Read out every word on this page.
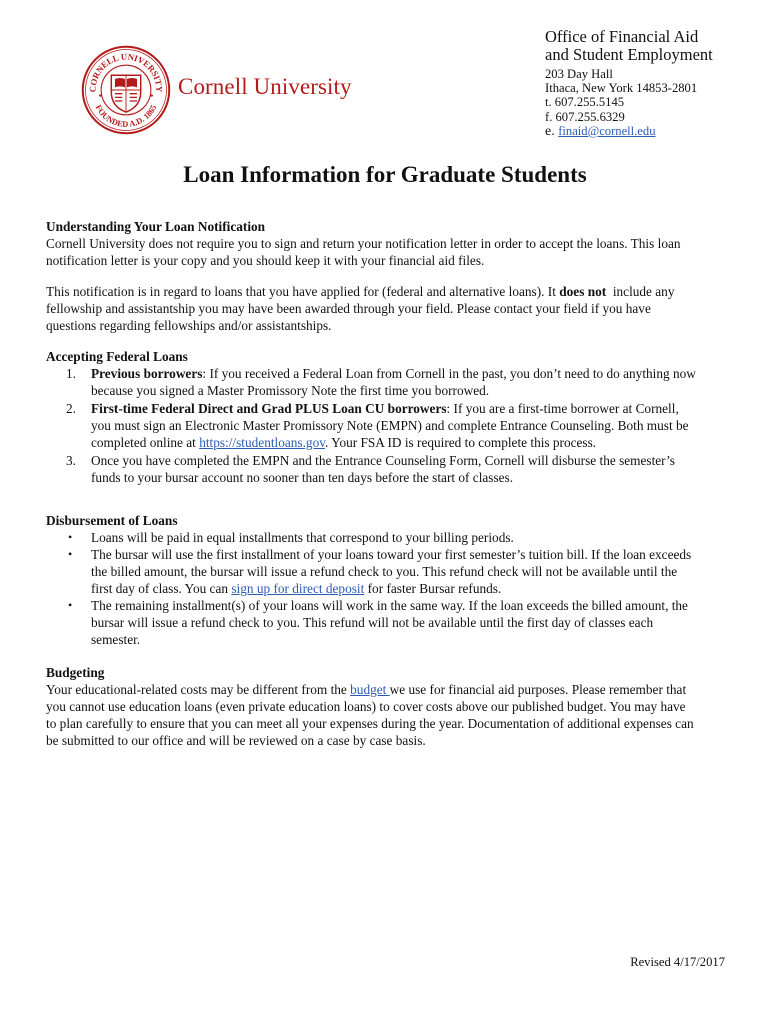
CORNELL UNIVERSITY
FOUNDED A.D. 1865
Cornell University
Office of Financial Aid
and Student Employment
203 Day Hall
Ithaca, New York 14853-2801
t. 607.255.5145
f. 607.255.6329
e. finaid@cornell.edu
Loan Information for Graduate Students
Understanding Your Loan Notification
Cornell University does not require you to sign and return your notification letter in order to accept the loans. This loan
notification letter is your copy and you should keep it with your financial aid files.
This notification is in regard to loans that you have applied for (federal and alternative loans). It does not  include any
fellowship and assistantship you may have been awarded through your field. Please contact your field if you have
questions regarding fellowships and/or assistantships.
Accepting Federal Loans
1. Previous borrowers: If you received a Federal Loan from Cornell in the past, you don’t need to do anything now
because you signed a Master Promissory Note the first time you borrowed.
2. First-time Federal Direct and Grad PLUS Loan CU borrowers: If you are a first-time borrower at Cornell,
you must sign an Electronic Master Promissory Note (EMPN) and complete Entrance Counseling. Both must be
completed online at https://studentloans.gov. Your FSA ID is required to complete this process.
3. Once you have completed the EMPN and the Entrance Counseling Form, Cornell will disburse the semester’s
funds to your bursar account no sooner than ten days before the start of classes.
Disbursement of Loans
• Loans will be paid in equal installments that correspond to your billing periods.
• The bursar will use the first installment of your loans toward your first semester’s tuition bill. If the loan exceeds
the billed amount, the bursar will issue a refund check to you. This refund check will not be available until the
first day of class. You can sign up for direct deposit for faster Bursar refunds.
• The remaining installment(s) of your loans will work in the same way. If the loan exceeds the billed amount, the
bursar will issue a refund check to you. This refund will not be available until the first day of classes each
semester.
Budgeting
Your educational-related costs may be different from the budget we use for financial aid purposes. Please remember that
you cannot use education loans (even private education loans) to cover costs above our published budget. You may have
to plan carefully to ensure that you can meet all your expenses during the year. Documentation of additional expenses can
be submitted to our office and will be reviewed on a case by case basis.
Revised 4/17/2017
